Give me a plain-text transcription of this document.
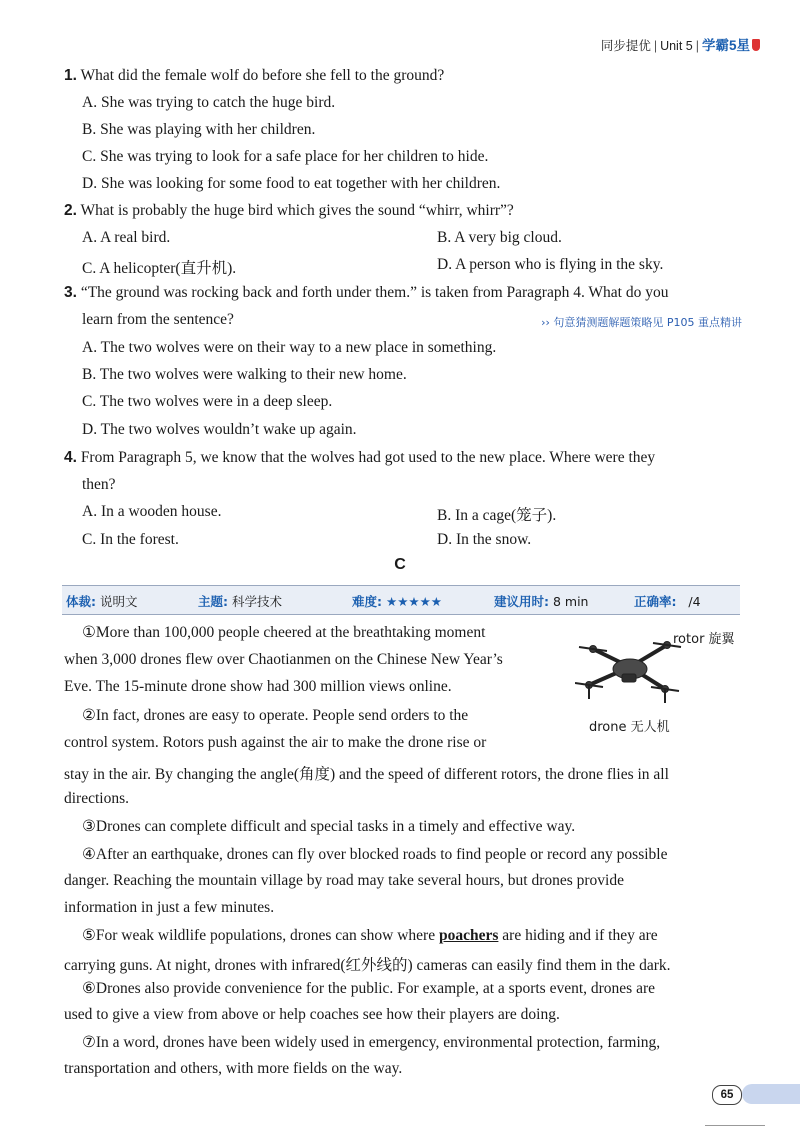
同步提优 | Unit 5 | 学霸5星
1. What did the female wolf do before she fell to the ground?
A. She was trying to catch the huge bird.
B. She was playing with her children.
C. She was trying to look for a safe place for her children to hide.
D. She was looking for some food to eat together with her children.
2. What is probably the huge bird which gives the sound “whirr, whirr”?
A. A real bird.	B. A very big cloud.
C. A helicopter(直升机).	D. A person who is flying in the sky.
3. “The ground was rocking back and forth under them.” is taken from Paragraph 4. What do you
learn from the sentence?	›› 句意猜测题解题策略见 P105 重点精讲
A. The two wolves were on their way to a new place in something.
B. The two wolves were walking to their new home.
C. The two wolves were in a deep sleep.
D. The two wolves wouldn’t wake up again.
4. From Paragraph 5, we know that the wolves had got used to the new place. Where were they
then?
A. In a wooden house.	B. In a cage(笼子).
C. In the forest.	D. In the snow.
C
体裁: 说明文	主题: 科学技术	难度: ★★★★★	建议用时: 8 min	正确率: /4
rotor 旋翼
drone 无人机
①More than 100,000 people cheered at the breathtaking moment
when 3,000 drones flew over Chaotianmen on the Chinese New Year’s
Eve. The 15-minute drone show had 300 million views online.
②In fact, drones are easy to operate. People send orders to the
control system. Rotors push against the air to make the drone rise or
stay in the air. By changing the angle(角度) and the speed of different rotors, the drone flies in all
directions.
③Drones can complete difficult and special tasks in a timely and effective way.
④After an earthquake, drones can fly over blocked roads to find people or record any possible
danger. Reaching the mountain village by road may take several hours, but drones provide
information in just a few minutes.
⑤For weak wildlife populations, drones can show where poachers are hiding and if they are
carrying guns. At night, drones with infrared(红外线的) cameras can easily find them in the dark.
⑥Drones also provide convenience for the public. For example, at a sports event, drones are
used to give a view from above or help coaches see how their players are doing.
⑦In a word, drones have been widely used in emergency, environmental protection, farming,
transportation and others, with more fields on the way.
65
